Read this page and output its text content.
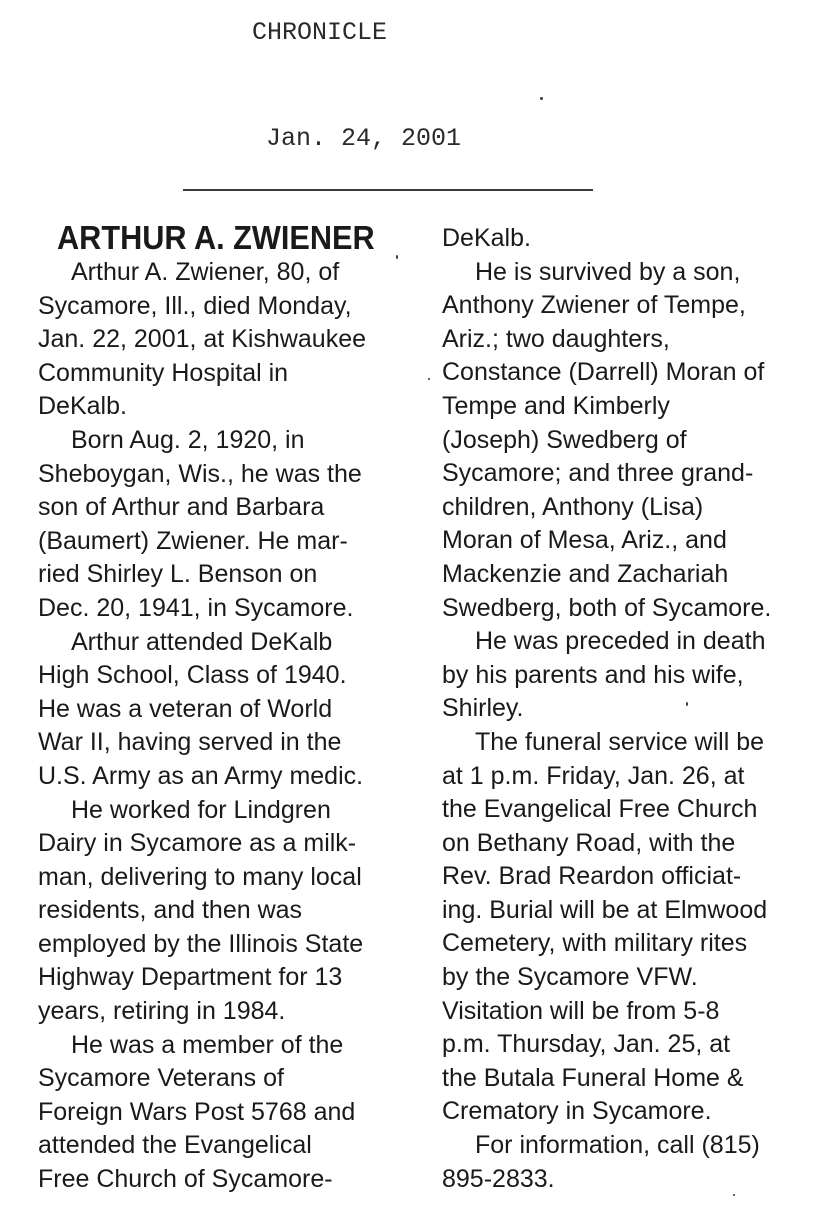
CHRONICLE
Jan. 24, 2001
ARTHUR A. ZWIENER
Arthur A. Zwiener, 80, of
Sycamore, Ill., died Monday,
Jan. 22, 2001, at Kishwaukee
Community Hospital in
DeKalb.
Born Aug. 2, 1920, in
Sheboygan, Wis., he was the
son of Arthur and Barbara
(Baumert) Zwiener. He mar-
ried Shirley L. Benson on
Dec. 20, 1941, in Sycamore.
Arthur attended DeKalb
High School, Class of 1940.
He was a veteran of World
War II, having served in the
U.S. Army as an Army medic.
He worked for Lindgren
Dairy in Sycamore as a milk-
man, delivering to many local
residents, and then was
employed by the Illinois State
Highway Department for 13
years, retiring in 1984.
He was a member of the
Sycamore Veterans of
Foreign Wars Post 5768 and
attended the Evangelical
Free Church of Sycamore-
DeKalb.
He is survived by a son,
Anthony Zwiener of Tempe,
Ariz.; two daughters,
Constance (Darrell) Moran of
Tempe and Kimberly
(Joseph) Swedberg of
Sycamore; and three grand-
children, Anthony (Lisa)
Moran of Mesa, Ariz., and
Mackenzie and Zachariah
Swedberg, both of Sycamore.
He was preceded in death
by his parents and his wife,
Shirley.
The funeral service will be
at 1 p.m. Friday, Jan. 26, at
the Evangelical Free Church
on Bethany Road, with the
Rev. Brad Reardon officiat-
ing. Burial will be at Elmwood
Cemetery, with military rites
by the Sycamore VFW.
Visitation will be from 5-8
p.m. Thursday, Jan. 25, at
the Butala Funeral Home &
Crematory in Sycamore.
For information, call (815)
895-2833.
